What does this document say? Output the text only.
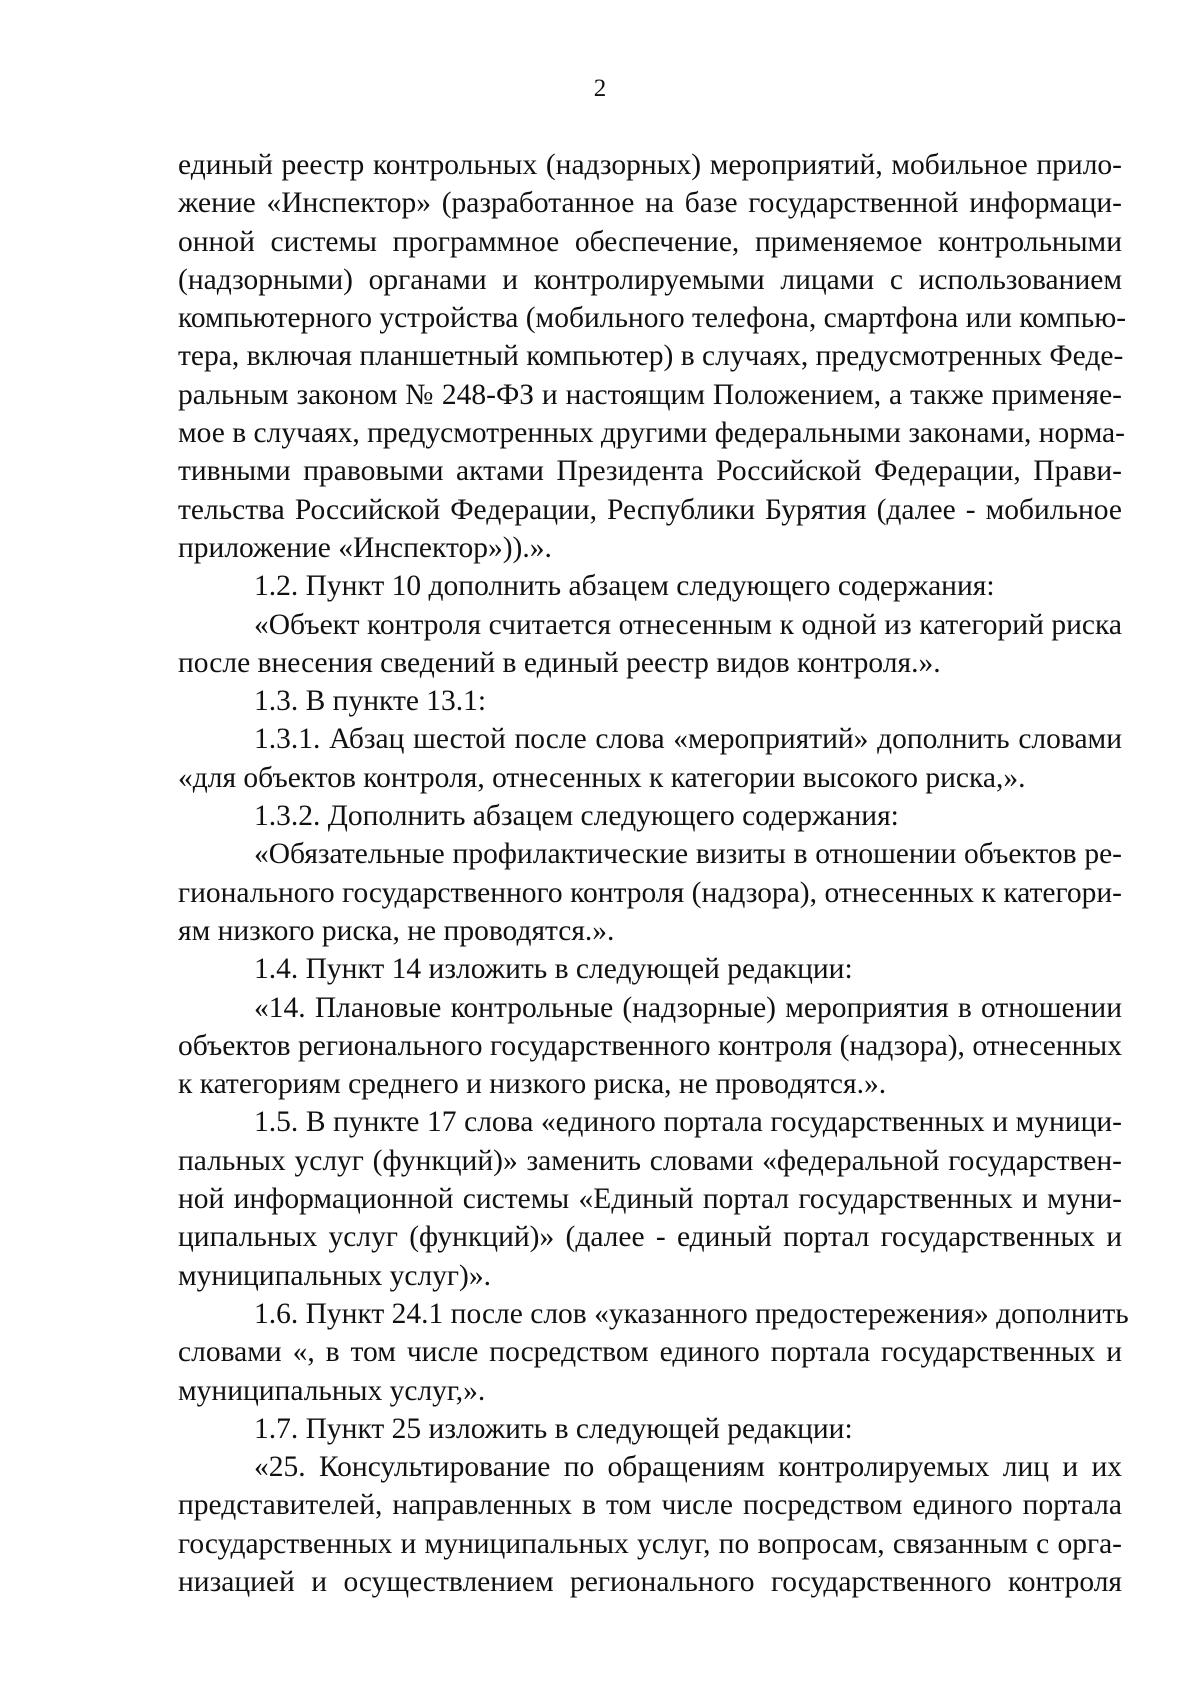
2
единый реестр контрольных (надзорных) мероприятий, мобильное прило-
жение «Инспектор» (разработанное на базе государственной информаци-
онной системы программное обеспечение, применяемое контрольными
(надзорными) органами и контролируемыми лицами с использованием
компьютерного устройства (мобильного телефона, смартфона или компью-
тера, включая планшетный компьютер) в случаях, предусмотренных Феде-
ральным законом № 248-ФЗ и настоящим Положением, а также применяе-
мое в случаях, предусмотренных другими федеральными законами, норма-
тивными правовыми актами Президента Российской Федерации, Прави-
тельства Российской Федерации, Республики Бурятия (далее - мобильное
приложение «Инспектор»)).».
1.2. Пункт 10 дополнить абзацем следующего содержания:
«Объект контроля считается отнесенным к одной из категорий риска
после внесения сведений в единый реестр видов контроля.».
1.3. В пункте 13.1:
1.3.1. Абзац шестой после слова «мероприятий» дополнить словами
«для объектов контроля, отнесенных к категории высокого риска,».
1.3.2. Дополнить абзацем следующего содержания:
«Обязательные профилактические визиты в отношении объектов ре-
гионального государственного контроля (надзора), отнесенных к категори-
ям низкого риска, не проводятся.».
1.4. Пункт 14 изложить в следующей редакции:
«14. Плановые контрольные (надзорные) мероприятия в отношении
объектов регионального государственного контроля (надзора), отнесенных
к категориям среднего и низкого риска, не проводятся.».
1.5. В пункте 17 слова «единого портала государственных и муници-
пальных услуг (функций)» заменить словами «федеральной государствен-
ной информационной системы «Единый портал государственных и муни-
ципальных услуг (функций)» (далее - единый портал государственных и
муниципальных услуг)».
1.6. Пункт 24.1 после слов «указанного предостережения» дополнить
словами «, в том числе посредством единого портала государственных и
муниципальных услуг,».
1.7. Пункт 25 изложить в следующей редакции:
«25. Консультирование по обращениям контролируемых лиц и их
представителей, направленных в том числе посредством единого портала
государственных и муниципальных услуг, по вопросам, связанным с орга-
низацией и осуществлением регионального государственного контроля
